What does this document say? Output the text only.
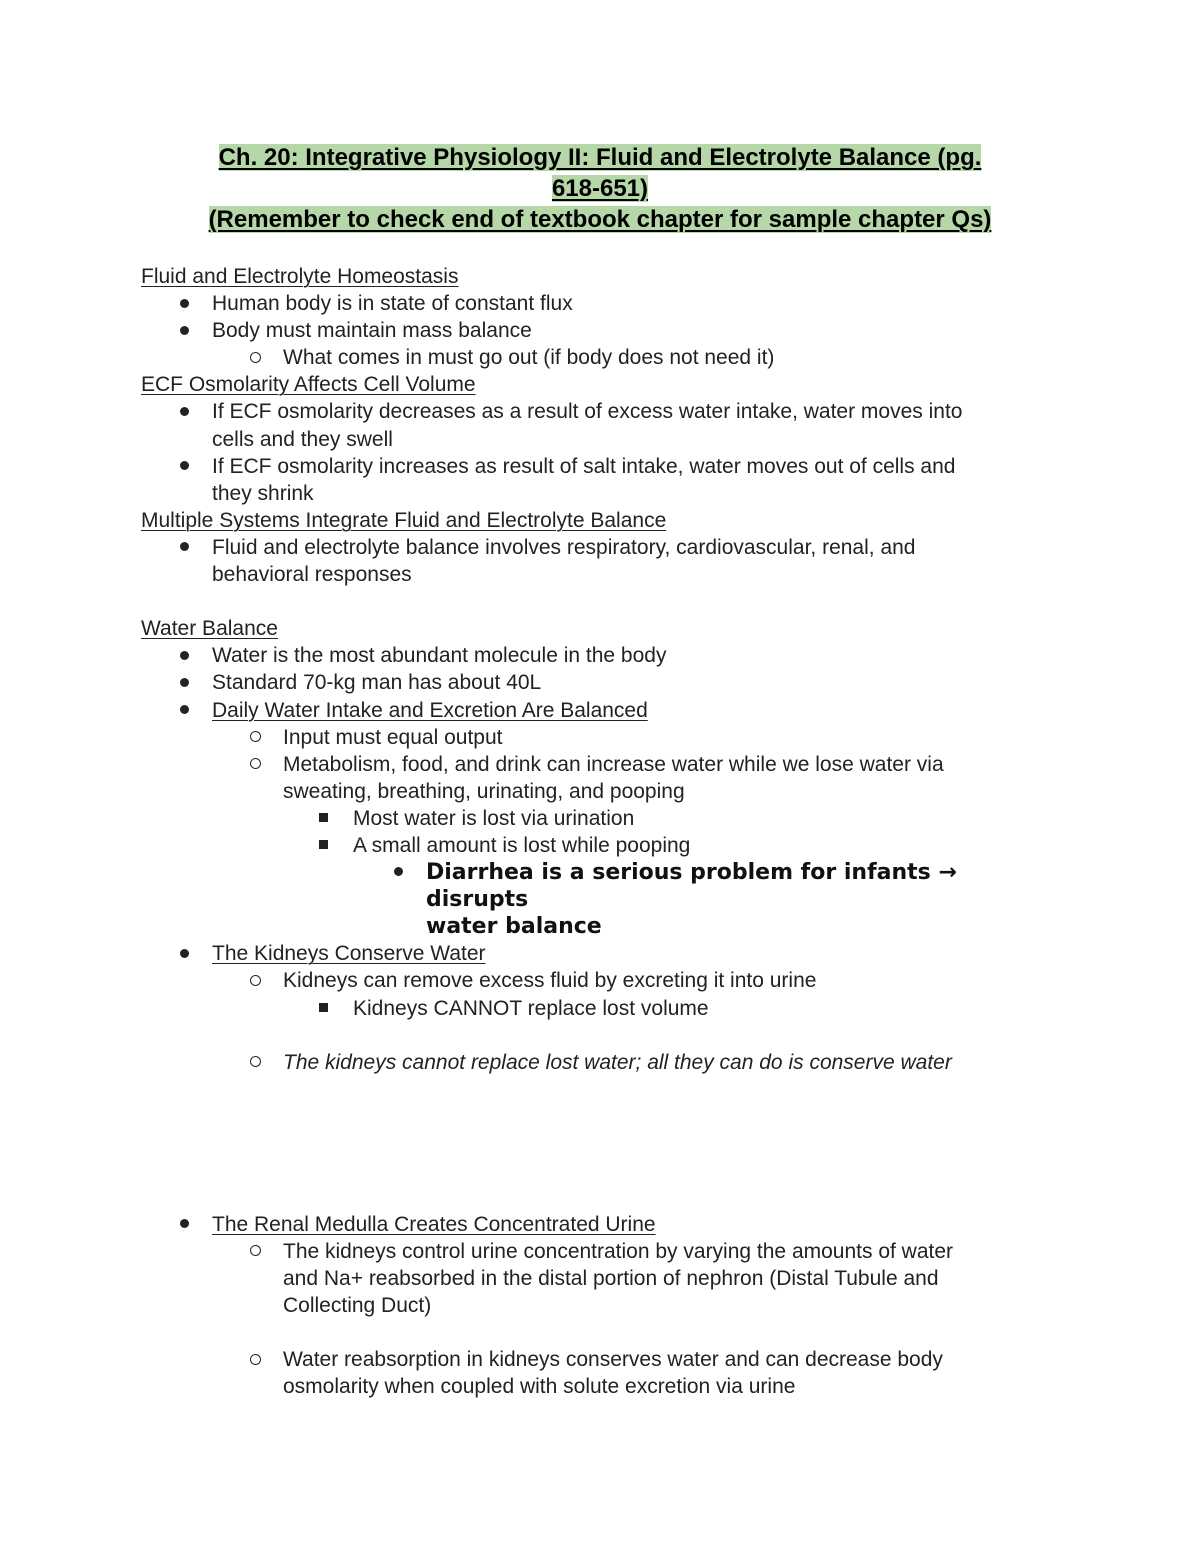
Ch. 20: Integrative Physiology II: Fluid and Electrolyte Balance (pg.
618-651)
(Remember to check end of textbook chapter for sample chapter Qs)
Fluid and Electrolyte Homeostasis
Human body is in state of constant flux
Body must maintain mass balance
What comes in must go out (if body does not need it)
ECF Osmolarity Affects Cell Volume
If ECF osmolarity decreases as a result of excess water intake, water moves into
cells and they swell
If ECF osmolarity increases as result of salt intake, water moves out of cells and
they shrink
Multiple Systems Integrate Fluid and Electrolyte Balance
Fluid and electrolyte balance involves respiratory, cardiovascular, renal, and
behavioral responses
Water Balance
Water is the most abundant molecule in the body
Standard 70-kg man has about 40L
Daily Water Intake and Excretion Are Balanced
Input must equal output
Metabolism, food, and drink can increase water while we lose water via
sweating, breathing, urinating, and pooping
Most water is lost via urination
A small amount is lost while pooping
Diarrhea is a serious problem for infants → disrupts
water balance
The Kidneys Conserve Water
Kidneys can remove excess fluid by excreting it into urine
Kidneys CANNOT replace lost volume
The kidneys cannot replace lost water; all they can do is conserve water
The Renal Medulla Creates Concentrated Urine
The kidneys control urine concentration by varying the amounts of water
and Na+ reabsorbed in the distal portion of nephron (Distal Tubule and
Collecting Duct)
Water reabsorption in kidneys conserves water and can decrease body
osmolarity when coupled with solute excretion via urine
